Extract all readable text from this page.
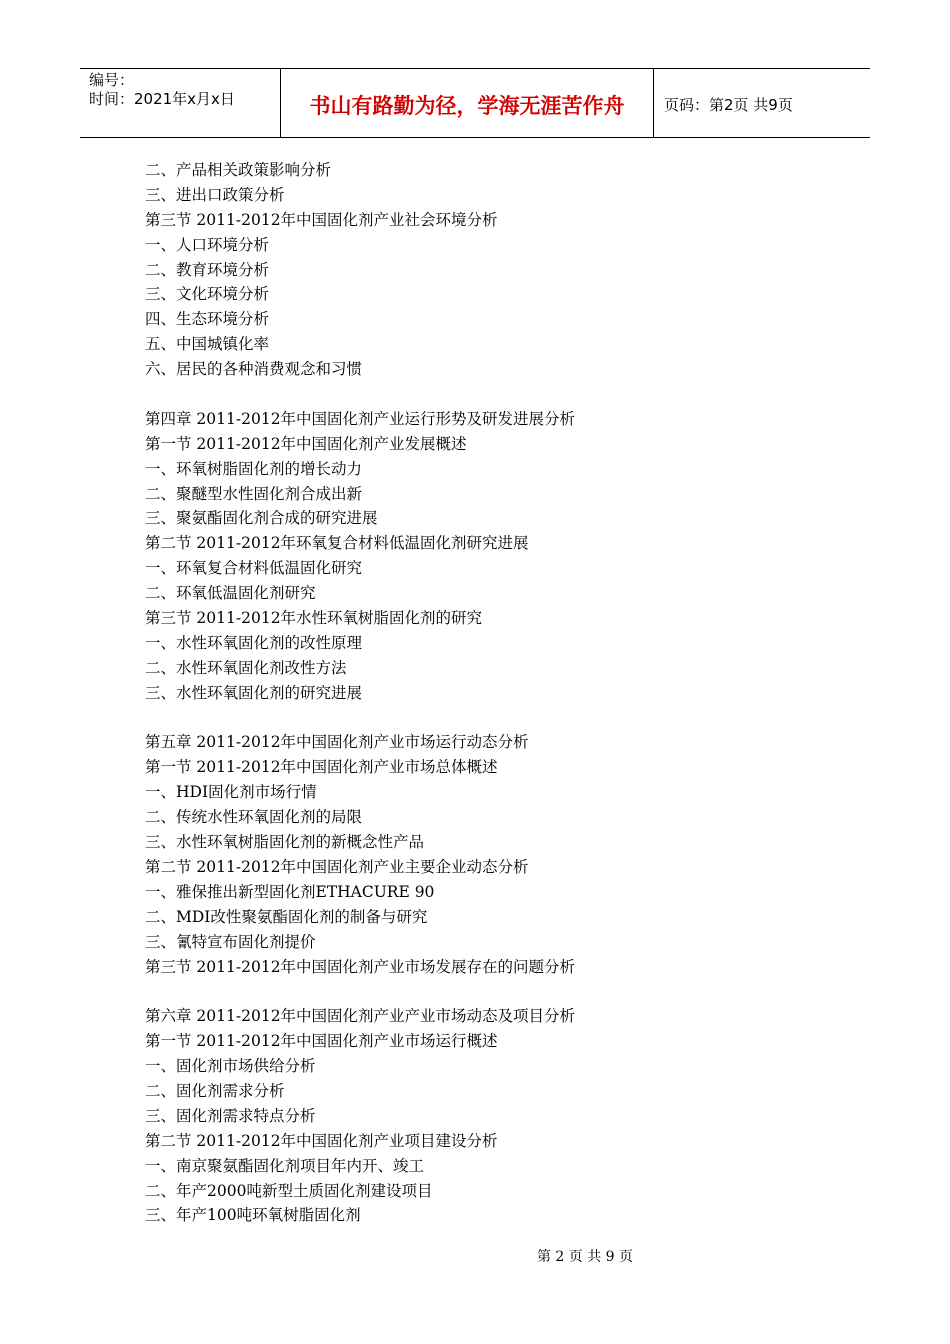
编号：
时间：2021年x月x日	书山有路勤为径，学海无涯苦作舟	页码：第2页 共9页
二、产品相关政策影响分析
三、进出口政策分析
第三节 2011-2012年中国固化剂产业社会环境分析
一、人口环境分析
二、教育环境分析
三、文化环境分析
四、生态环境分析
五、中国城镇化率
六、居民的各种消费观念和习惯
第四章 2011-2012年中国固化剂产业运行形势及研发进展分析
第一节 2011-2012年中国固化剂产业发展概述
一、环氧树脂固化剂的增长动力
二、聚醚型水性固化剂合成出新
三、聚氨酯固化剂合成的研究进展
第二节 2011-2012年环氧复合材料低温固化剂研究进展
一、环氧复合材料低温固化研究
二、环氧低温固化剂研究
第三节 2011-2012年水性环氧树脂固化剂的研究
一、水性环氧固化剂的改性原理
二、水性环氧固化剂改性方法
三、水性环氧固化剂的研究进展
第五章 2011-2012年中国固化剂产业市场运行动态分析
第一节 2011-2012年中国固化剂产业市场总体概述
一、HDI固化剂市场行情
二、传统水性环氧固化剂的局限
三、水性环氧树脂固化剂的新概念性产品
第二节 2011-2012年中国固化剂产业主要企业动态分析
一、雅保推出新型固化剂ETHACURE 90
二、MDI改性聚氨酯固化剂的制备与研究
三、氰特宣布固化剂提价
第三节 2011-2012年中国固化剂产业市场发展存在的问题分析
第六章 2011-2012年中国固化剂产业产业市场动态及项目分析
第一节 2011-2012年中国固化剂产业市场运行概述
一、固化剂市场供给分析
二、固化剂需求分析
三、固化剂需求特点分析
第二节 2011-2012年中国固化剂产业项目建设分析
一、南京聚氨酯固化剂项目年内开、竣工
二、年产2000吨新型土质固化剂建设项目
三、年产100吨环氧树脂固化剂
第 2 页 共 9 页
